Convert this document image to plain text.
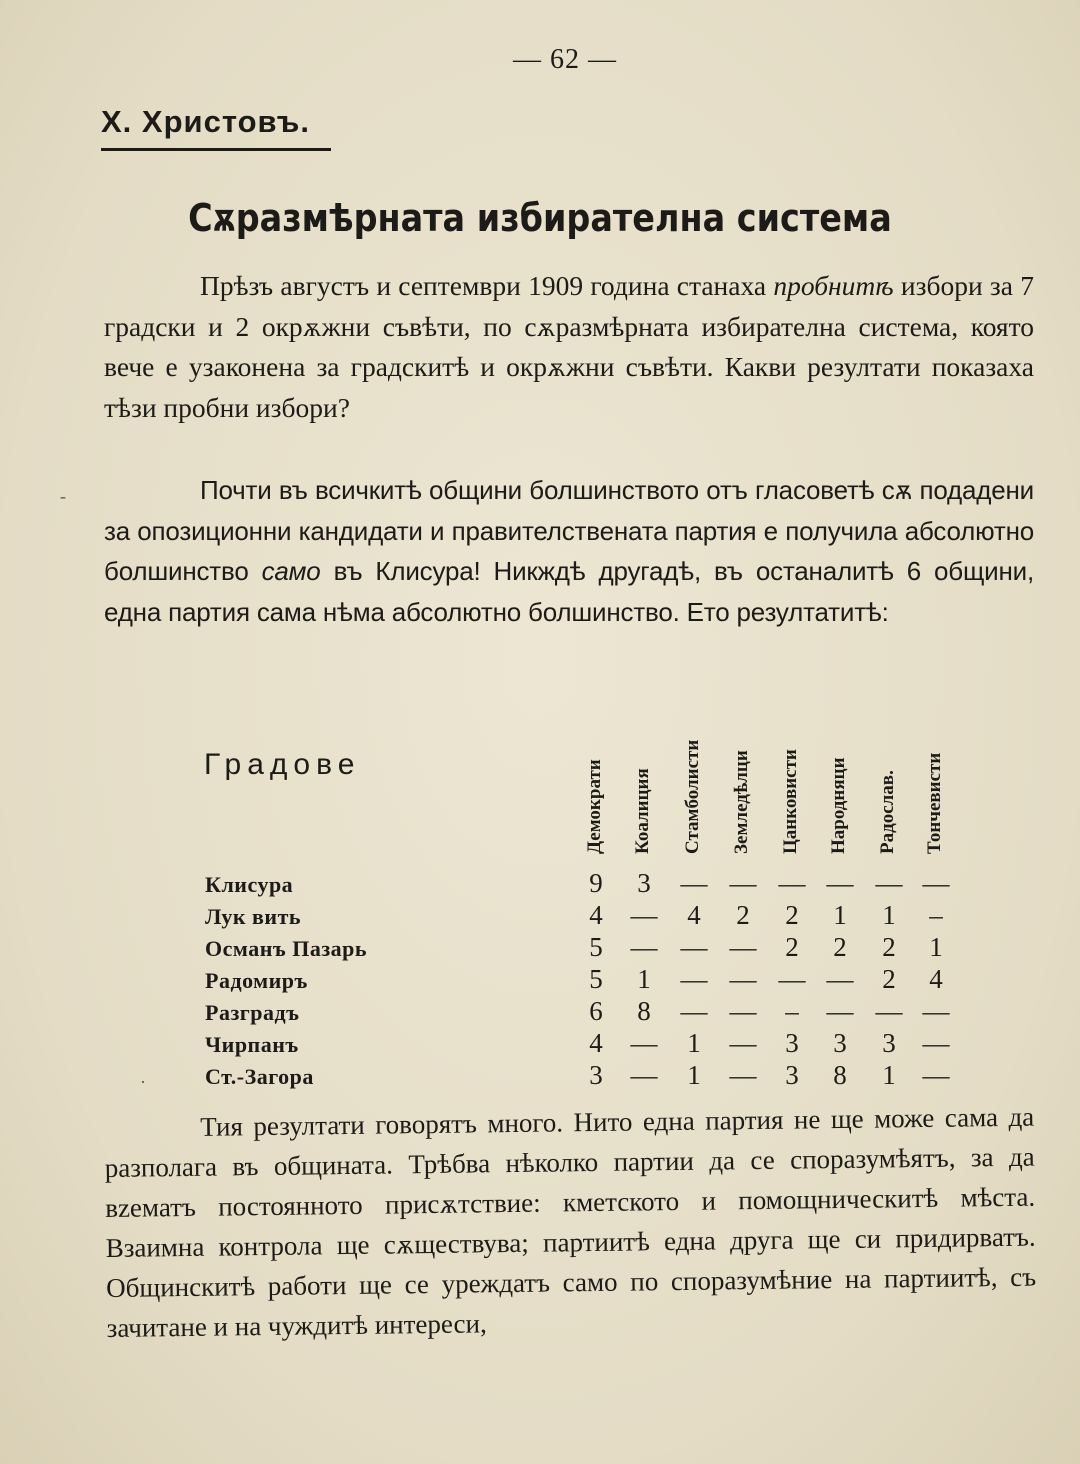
— 62 —
Х. Христовъ.
Сѫразмѣрната избирателна система
Прѣзъ августъ и септември 1909 година станаха пробнитѣ избори за 7 градски и 2 окрѫжни съвѣти, по сѫразмѣрната избирателна система, която вече е узаконена за градскитѣ и окрѫжни съвѣти. Какви резултати показаха тѣзи пробни избори?
Почти въ всичкитѣ общини болшинството отъ гласоветѣ сѫ подадени за опозиционни кандидати и правителствената партия е получила абсолютно болшинство само въ Клисура! Никждѣ другадѣ, въ останалитѣ 6 общини, една партия сама нѣма абсолютно болшинство. Ето резултатитѣ:
Градове	Демократи Коалиция Стамболисти Земледѣлци Цанковисти Народняци Радослав. Тончевисти
Клисура	9	3	— — — — — —
Лук вить	4	—	4	2	2	1	1	–
Османъ Пазарь	5	— — —	2	2	2	1
Радомиръ	5	1	— — — —	2	4
Разградъ	6	8	— —	–	— — —
Чирпанъ	4	—	1	—	3	3	3 —
Ст.-Загора	3	—	1	—	3	8	1 —
Тия резултати говорятъ много. Нито една партия не ще може сама да разполага въ общината. Трѣбва нѣколко партии да се споразумѣятъ, за да вzематъ постоянното присѫтствие: кметското и помощническитѣ мѣста. Взаимна контрола ще сѫществува; партиитѣ една друга ще си придирватъ. Общинскитѣ работи ще се уреждатъ само по споразумѣние на партиитѣ, съ зачитане и на чуждитѣ интереси,
-
·
